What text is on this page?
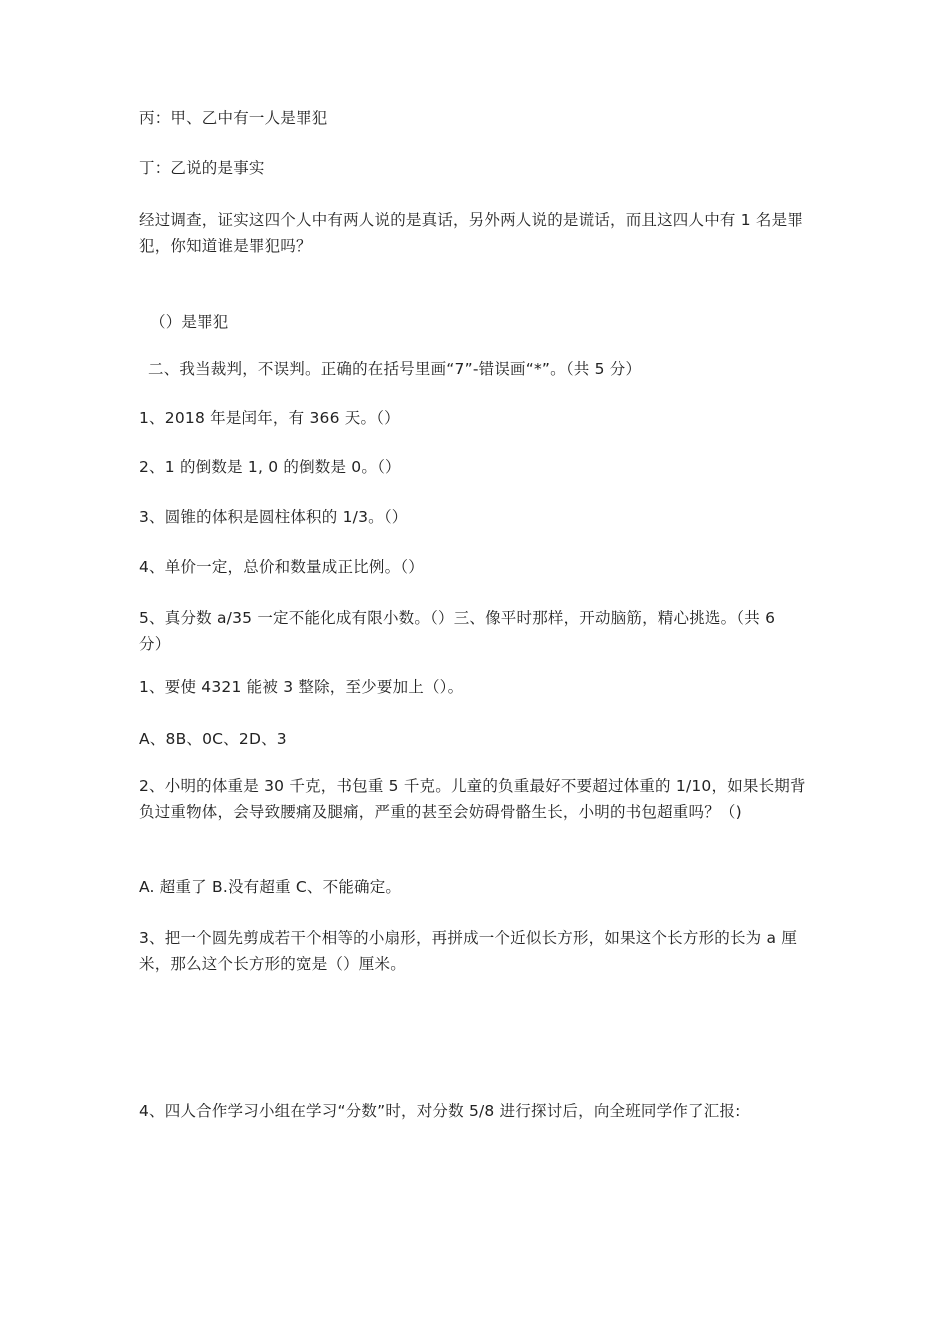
丙：甲、乙中有一人是罪犯
丁：乙说的是事实
经过调查，证实这四个人中有两人说的是真话，另外两人说的是谎话，而且这四人中有 1 名是罪犯，你知道谁是罪犯吗？
（）是罪犯
二、我当裁判，不误判。正确的在括号里画“7”-错误画“*”。（共 5 分）
1、2018 年是闰年，有 366 天。（）
2、1 的倒数是 1, 0 的倒数是 0。（）
3、圆锥的体积是圆柱体积的 1/3。（）
4、单价一定，总价和数量成正比例。（）
5、真分数 a/35 一定不能化成有限小数。（）三、像平时那样，开动脑筋，精心挑选。（共 6 分）
1、要使 4321 能被 3 整除，至少要加上（）。
A、8B、0C、2D、3
2、小明的体重是 30 千克，书包重 5 千克。儿童的负重最好不要超过体重的 1/10，如果长期背负过重物体，会导致腰痛及腿痛，严重的甚至会妨碍骨骼生长，小明的书包超重吗？（)
A. 超重了 B.没有超重 C、不能确定。
3、把一个圆先剪成若干个相等的小扇形，再拼成一个近似长方形，如果这个长方形的长为 a 厘米，那么这个长方形的宽是（）厘米。
4、四人合作学习小组在学习“分数”时，对分数 5/8 进行探讨后，向全班同学作了汇报:
